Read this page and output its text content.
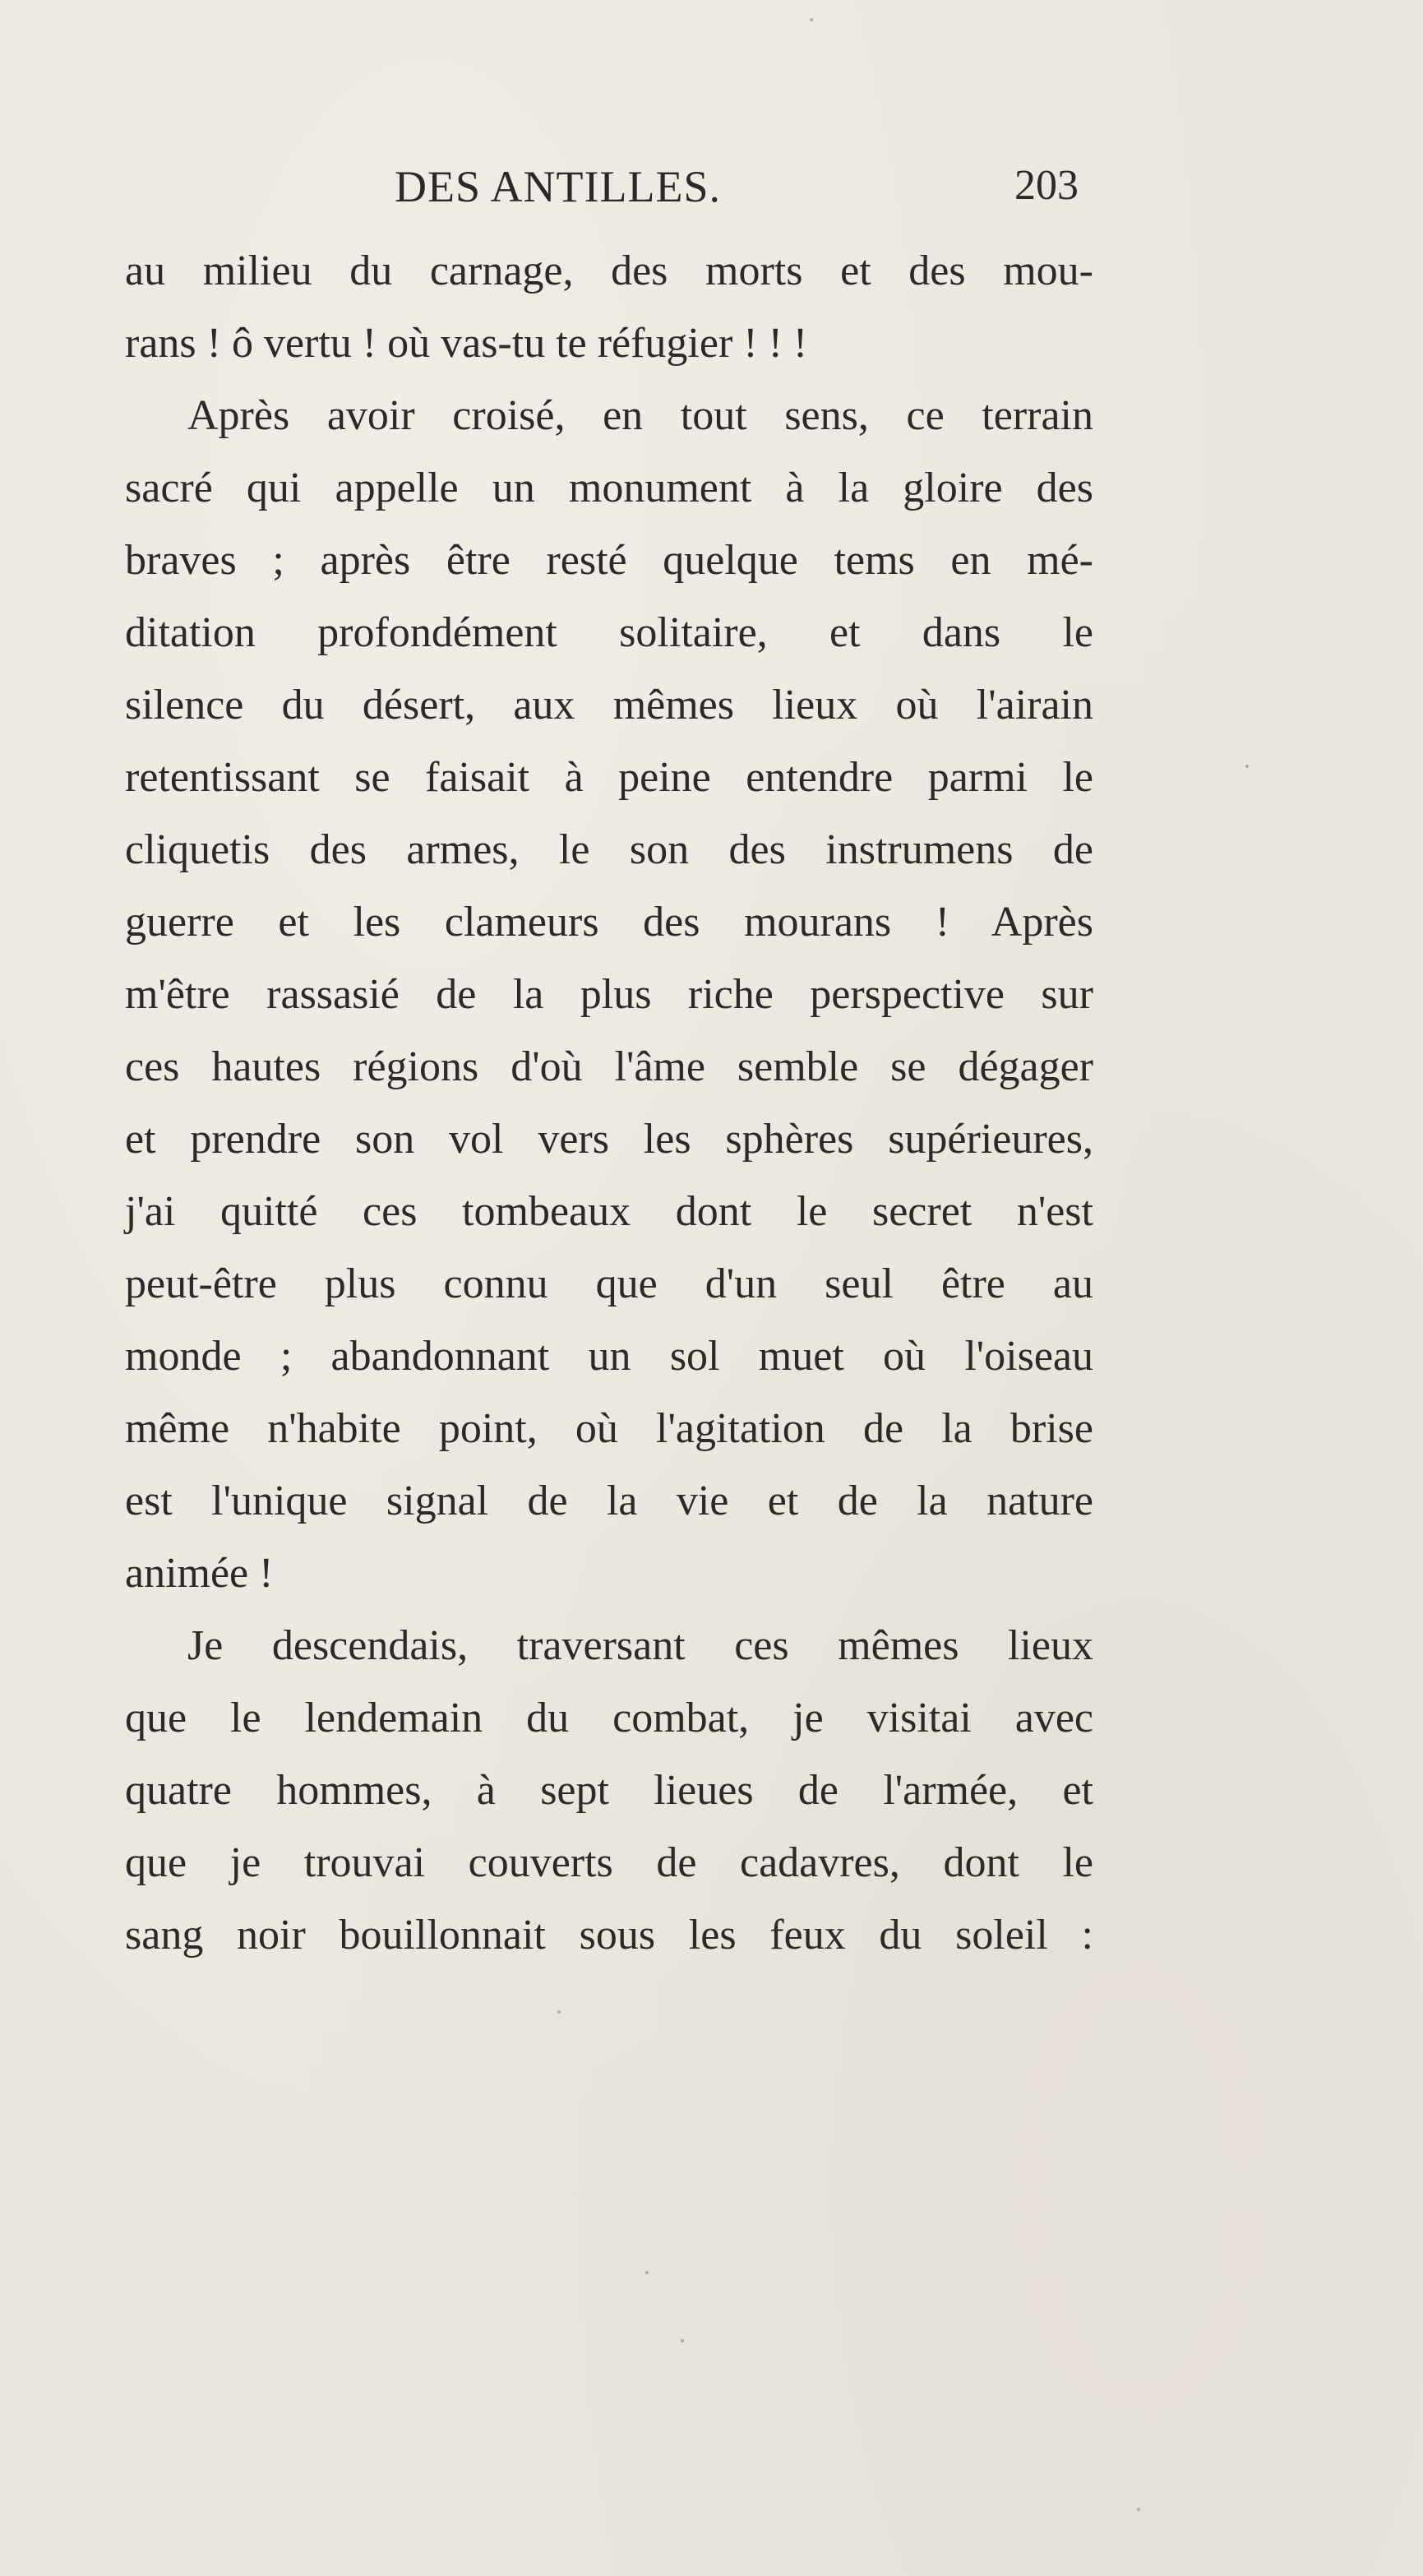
DES ANTILLES.	203
au milieu du carnage, des morts et des mou-
rans ! ô vertu ! où vas-tu te réfugier ! ! !
Après avoir croisé, en tout sens, ce terrain
sacré qui appelle un monument à la gloire des
braves ; après être resté quelque tems en mé-
ditation profondément solitaire, et dans le
silence du désert, aux mêmes lieux où l'airain
retentissant se faisait à peine entendre parmi le
cliquetis des armes, le son des instrumens de
guerre et les clameurs des mourans ! Après
m'être rassasié de la plus riche perspective sur
ces hautes régions d'où l'âme semble se dégager
et prendre son vol vers les sphères supérieures,
j'ai quitté ces tombeaux dont le secret n'est
peut-être plus connu que d'un seul être au
monde ; abandonnant un sol muet où l'oiseau
même n'habite point, où l'agitation de la brise
est l'unique signal de la vie et de la nature
animée !
Je descendais, traversant ces mêmes lieux
que le lendemain du combat, je visitai avec
quatre hommes, à sept lieues de l'armée, et
que je trouvai couverts de cadavres, dont le
sang noir bouillonnait sous les feux du soleil :
